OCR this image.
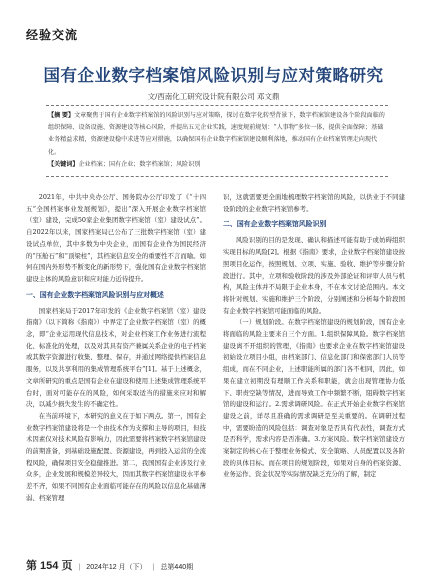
经验交流
国有企业数字档案馆风险识别与应对策略研究
文/西南化工研究设计院有限公司 邓文鼎
【摘 要】文章聚焦于国有企业数字档案馆的风险识别与应对策略，探讨在数字化转型背景下，数字档案馆建设各个阶段面临的组织保障、设备设施、资源建设等核心风险，并提出五元企业实践，速度规前规划：“人事物”多位一体，提供全面保障；基础业务精益求精，资源建设稳中求进等应对措施，以确保国有企业数字档案馆建设顺利落地，推动国有企业档案管理走向现代化。
【关键词】企业档案；国有企业；数字档案馆；风险识别

2021年，中共中央办公厅、国务院办公厅印发了《“十四五”全国档案事业发展规划》，提出“深入开展企业数字档案馆（室）建设，完成50家企业集团数字档案馆（室）建设试点”。自2022年以来，国家档案局已公布了三批数字档案馆（室）建设试点单位，其中多数为中央企业，而国有企业作为国民经济的“压舱石”和“顶梁柱”，其档案信息安全的重要性不言而喻。如何在国内外形势不断变化的新形势下，强化国有企业数字档案馆建设主体的风险意识和应对能力近待提升。

一、国有企业数字档案馆风险识别与应对概述

国家档案局于2017年印发的《企业数字档案馆（室）建设指南》（以下简称《指南》）中界定了企业数字档案馆（室）的概念，即“企业运用现代信息技术，对企业档案工作业务进行流程化、标准化的处理，以及对其具有资产兼属关系企业的电子档案或其数字资源进行收集、整理、保存，并通过网络提供档案信息服务，以及共享利用的集成管理系统平台”[1]。基于上述概念，文章所研究的重点是国有企业在建设和使用上述集成管理系统平台时，面对可能存在的风险，如何采取适当的措施来应对和解决，以减少损失发生的不确定性。

在当前环境下，本研究的意义在于如下两点。第一，国有企业数字档案馆建设将是一个由技术作为支撑和主导的项目，但技术因素仅对技术风险有影响力，因此需要将档案数字档案馆建设的前期准备，到基础设施配置、资源建设，再到投入运营的全流程风险，确保项目安全稳健推进。第二，我国国有企业涉及行业众多，企业发展和规模差异较大，因而其数字档案馆建设水平参差不齐，如果不同国有企业面临可能存在的风险以信息化基础薄弱、档案管理

识，这就需要更全面地梳理数字档案馆的风险，以供业于不同建设阶段的企业数字档案馆参考。

二、国有企业数字档案馆风险识别

风险识别的目的是发现、确认和描述可能有助于或妨碍组织实现目标的风险[2]。根据《指南》要求，企业数字档案馆建设按照项目化运作，按照规划、立项、实施、验收、维护等步骤分阶段进行。其中，立项和验收阶段的涉及外部论证和评审人员与机构，风险主体并不局限于企业本身，不在本文讨论范围内。本文将针对规划、实施和维护三个阶段，分别阐述和分析每个阶段国有企业数字档案馆可能面临的风险。

（一）规划阶段。在数字档案馆建设的规划阶段，国有企业将面临的风险主要来自三个方面。1.组织保障风险。数字档案馆建设离不开组织的管理，《指南》也要求企业在数字档案馆建设初始设立项目小组，由档案部门、信息化部门和保密部门人员等组成，而在不同企业，上述职能所属的部门各不相同，因此，如果在建立初期没有理顺工作关系和职能，就会出现管理协力低下、职责空缺等情况，进而导致工作中频繁不断，阻碍数字档案馆的建设和运行。2.需求调研风险。在正式开始企业数字档案馆建设之前，详尽且准确的需求调研是至关重要的。在调研过程中，需要盼造的风险包括：调查对象是否具有代表性，调查方式是否科学，需求内容是否准确。3.方案风险。数字档案馆建设方案制定的核心在于整理业务模式、安全策略、人员配置以及各阶段的具体目标。而在项目的规划阶段，如果对自身的档案资源、业务运作、资金状况等实际情况缺乏充分的了解，制定

第 154 页 | 2024年12 月（下） | 总第440期
